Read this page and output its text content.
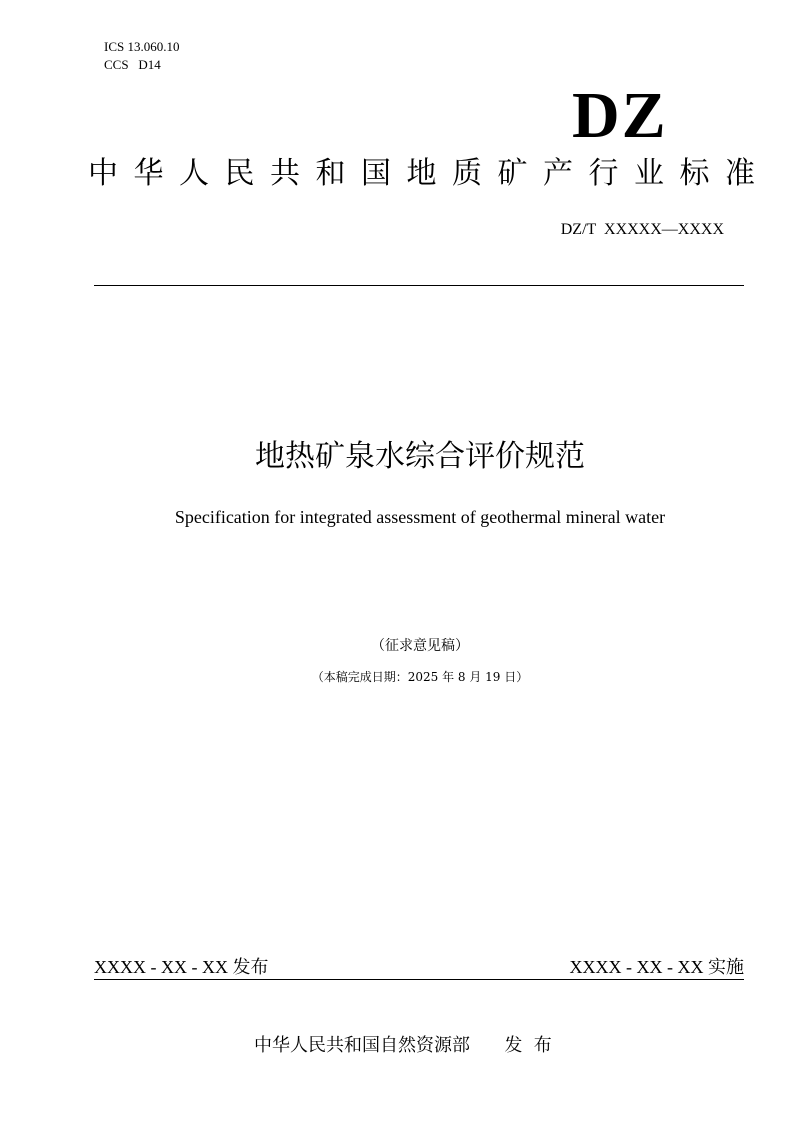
ICS 13.060.10
CCS   D14
DZ
中华人民共和国地质矿产行业标准
DZ/T  XXXXX—XXXX
地热矿泉水综合评价规范
Specification for integrated assessment of geothermal mineral water
（征求意见稿）
（本稿完成日期：2025 年 8 月 19 日）
XXXX - XX - XX 发布	XXXX - XX - XX 实施
中华人民共和国自然资源部      发  布
